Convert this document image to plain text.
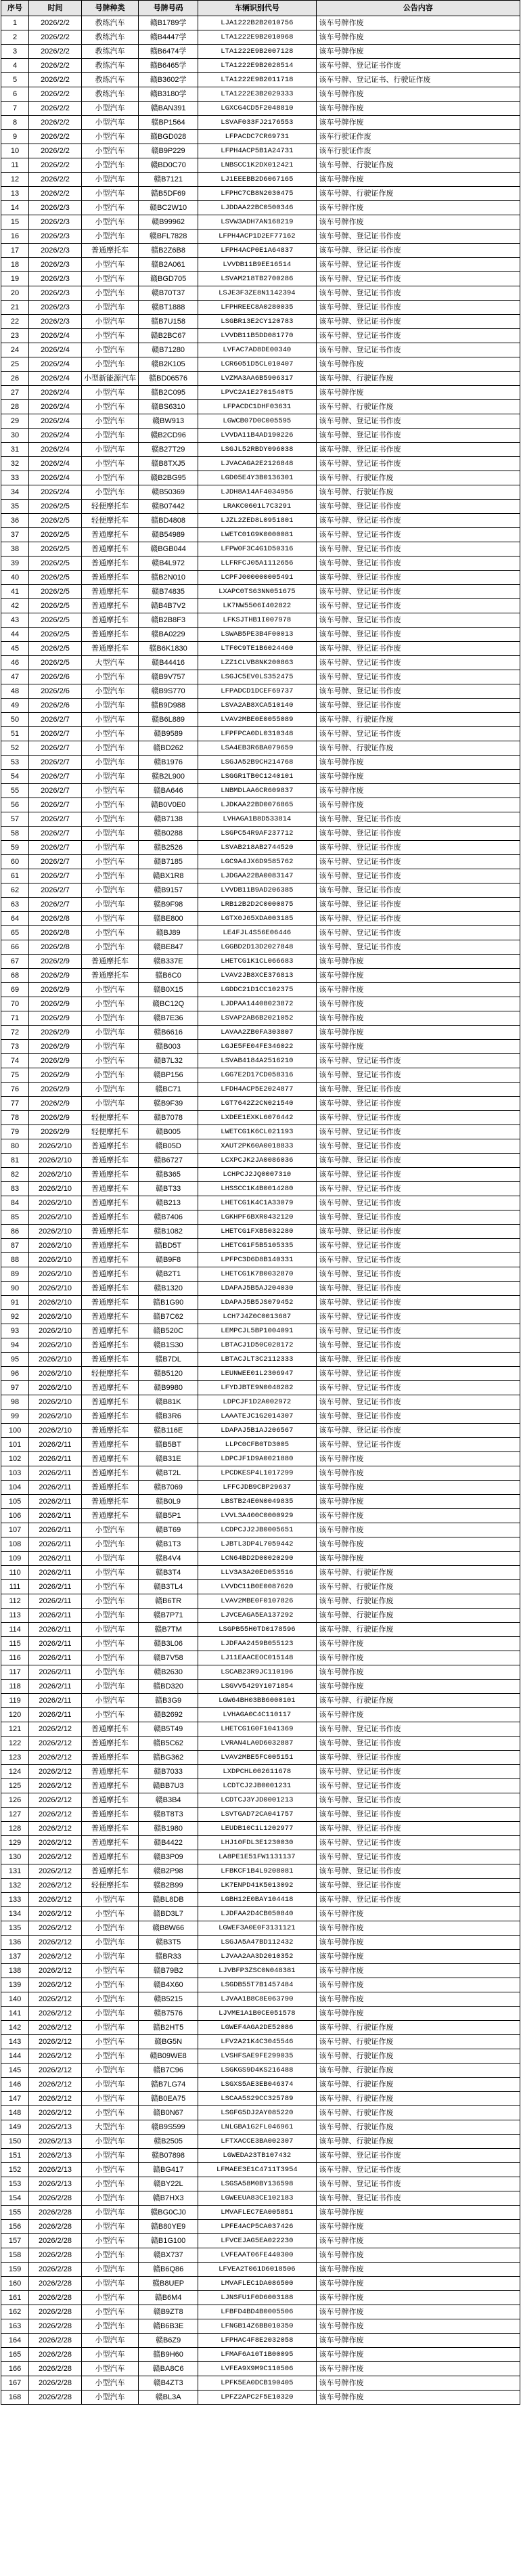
序号	时间	号牌种类	号牌号码	车辆识别代号	公告内容
1	2026/2/2	教练汽车	赣B1789学	LJA1222B2B2010756	该车号牌作废
2	2026/2/2	教练汽车	赣B4447学	LTA1222E9B2010968	该车号牌作废
3	2026/2/2	教练汽车	赣B6474学	LTA1222E9B2007128	该车号牌作废
4	2026/2/2	教练汽车	赣B6465学	LTA1222E9B2028514	该车号牌、登记证书作废
5	2026/2/2	教练汽车	赣B3602学	LTA1222E9B2011718	该车号牌、登记证书、行驶证作废
6	2026/2/2	教练汽车	赣B3180学	LTA1222E3B2029333	该车号牌作废
7	2026/2/2	小型汽车	赣BAN391	LGXCG4CD5F2048810	该车号牌作废
8	2026/2/2	小型汽车	赣BP1564	LSVAF033FJ2176553	该车号牌作废
9	2026/2/2	小型汽车	赣BGD028	LFPACDC7CR69731	该车行驶证作废
10	2026/2/2	小型汽车	赣B9P229	LFPH4ACP5B1A24731	该车行驶证作废
11	2026/2/2	小型汽车	赣BD0C70	LNBSCC1K2DX012421	该车号牌、行驶证作废
12	2026/2/2	小型汽车	赣B7121	LJ1EEEBB2D6067165	该车号牌作废
13	2026/2/2	小型汽车	赣B5DF69	LFPHC7CB8N2030475	该车号牌、行驶证作废
14	2026/2/3	小型汽车	赣BC2W10	LJDDAA22BC0500346	该车号牌作废
15	2026/2/3	小型汽车	赣B99962	LSVW3ADH7AN168219	该车号牌作废
16	2026/2/3	小型汽车	赣BFL7828	LFPH4ACP1D2EF77162	该车号牌、登记证书作废
17	2026/2/3	普通摩托车	赣B2Z6B8	LFPH4ACP0E1A64837	该车号牌、登记证书作废
18	2026/2/3	小型汽车	赣B2A061	LVVDB11B9EE16514	该车号牌、登记证书作废
19	2026/2/3	小型汽车	赣BGD705	LSVAM218TB2700286	该车号牌、登记证书作废
20	2026/2/3	小型汽车	赣B70T37	LSJE3F3ZE8N1142394	该车号牌、登记证书作废
21	2026/2/3	小型汽车	赣BT1888	LFPHREEC8A0280035	该车号牌、登记证书作废
22	2026/2/3	小型汽车	赣B7U158	LSGBR13E2CY120783	该车号牌、登记证书作废
23	2026/2/4	小型汽车	赣B2BC67	LVVDB11B5DD081770	该车号牌、登记证书作废
24	2026/2/4	小型汽车	赣B71280	LVFAC7AD8DE00340	该车号牌、登记证书作废
25	2026/2/4	小型汽车	赣B2K105	LCR6051D5CL010407	该车号牌作废
26	2026/2/4	小型新能源汽车	赣BD06576	LVZMA3AA6B5906317	该车号牌、行驶证作废
27	2026/2/4	小型汽车	赣B2C095	LPVC2A1E2701540T5	该车号牌作废
28	2026/2/4	小型汽车	赣BS6310	LFPACDC1DHF03631	该车号牌、行驶证作废
29	2026/2/4	小型汽车	赣BW913	LGWCB07D0C005595	该车号牌、登记证书作废
30	2026/2/4	小型汽车	赣B2CD96	LVVDA11B4AD190226	该车号牌、登记证书作废
31	2026/2/4	小型汽车	赣B27T29	LSGJL52RBDY096038	该车号牌、登记证书作废
32	2026/2/4	小型汽车	赣B8TXJ5	LJVACAGA2E2126848	该车号牌、登记证书作废
33	2026/2/4	小型汽车	赣B2BG95	LGD05E4Y3B0136301	该车号牌、行驶证作废
34	2026/2/4	小型汽车	赣B50369	LJDH8A14AF4034956	该车号牌、行驶证作废
35	2026/2/5	轻便摩托车	赣B07442	LRAKC0601L7C3291	该车号牌、登记证书作废
36	2026/2/5	轻便摩托车	赣BD4808	LJZL2ZED8L0951801	该车号牌、登记证书作废
37	2026/2/5	普通摩托车	赣B54989	LWETC01G9K0000081	该车号牌、登记证书作废
38	2026/2/5	普通摩托车	赣BGB044	LFPW0F3C4G1D50316	该车号牌、登记证书作废
39	2026/2/5	普通摩托车	赣B4L972	LLFRFCJ05A1112656	该车号牌、登记证书作废
40	2026/2/5	普通摩托车	赣B2N010	LCPFJ000000005491	该车号牌、登记证书作废
41	2026/2/5	普通摩托车	赣B74835	LXAPC0TS63NN051675	该车号牌、登记证书作废
42	2026/2/5	普通摩托车	赣B4B7V2	LK7NW5506I402822	该车号牌、登记证书作废
43	2026/2/5	普通摩托车	赣B2B8F3	LFKSJTHB1I007978	该车号牌、登记证书作废
44	2026/2/5	普通摩托车	赣BA0229	LSWAB5PE3B4F00013	该车号牌、登记证书作废
45	2026/2/5	普通摩托车	赣B6K1830	LTF0C9TE1B6024460	该车号牌、登记证书作废
46	2026/2/5	大型汽车	赣B44416	LZZ1CLVB8NK200863	该车号牌、登记证书作废
47	2026/2/6	小型汽车	赣B9V757	LSGJC5EV0LS352475	该车号牌、登记证书作废
48	2026/2/6	小型汽车	赣B9S770	LFPADCD1DCEF69737	该车号牌、登记证书作废
49	2026/2/6	小型汽车	赣B9D988	LSVA2AB8XCA510140	该车号牌、登记证书作废
50	2026/2/7	小型汽车	赣B6L889	LVAV2MBE0E0055089	该车号牌、行驶证作废
51	2026/2/7	小型汽车	赣B9589	LFPFPCA0DL0310348	该车号牌、登记证书作废
52	2026/2/7	小型汽车	赣BD262	LSA4EB3R6BA079659	该车号牌、行驶证作废
53	2026/2/7	小型汽车	赣B1976	LSGJA52B9CH214768	该车号牌作废
54	2026/2/7	小型汽车	赣B2L900	LSGGR1TB0C1240101	该车号牌作废
55	2026/2/7	小型汽车	赣BA646	LNBMDLAA6CR609837	该车号牌作废
56	2026/2/7	小型汽车	赣B0V0E0	LJDKAA22BD0076865	该车号牌作废
57	2026/2/7	小型汽车	赣B7138	LVHAGA1B8D533814	该车号牌、登记证书作废
58	2026/2/7	小型汽车	赣B0288	LSGPC54R9AF237712	该车号牌、登记证书作废
59	2026/2/7	小型汽车	赣B2526	LSVAB218AB2744520	该车号牌、登记证书作废
60	2026/2/7	小型汽车	赣B7185	LGC9A4JX6D9585762	该车号牌、登记证书作废
61	2026/2/7	小型汽车	赣BX1R8	LJDGAA22BA0083147	该车号牌、登记证书作废
62	2026/2/7	小型汽车	赣B9157	LVVDB11B9AD206385	该车号牌、登记证书作废
63	2026/2/7	小型汽车	赣B9F98	LRB12B2D2C0000875	该车号牌、登记证书作废
64	2026/2/8	小型汽车	赣BE800	LGTX0J65XDA003185	该车号牌、登记证书作废
65	2026/2/8	小型汽车	赣BJ89	LE4FJL4S56E06446	该车号牌、登记证书作废
66	2026/2/8	小型汽车	赣BE847	LGGBD2D13D2027848	该车号牌、登记证书作废
67	2026/2/9	普通摩托车	赣B337E	LHETCG1K1CL066683	该车号牌作废
68	2026/2/9	普通摩托车	赣B6C0	LVAV2JB8XCE376813	该车号牌作废
69	2026/2/9	小型汽车	赣B0X15	LGDDC21D1CC102375	该车号牌作废
70	2026/2/9	小型汽车	赣BC12Q	LJDPAA14408023872	该车号牌作废
71	2026/2/9	小型汽车	赣B7E36	LSVAP2AB6B2021052	该车号牌作废
72	2026/2/9	小型汽车	赣B6616	LAVAA2ZB0FA303807	该车号牌作废
73	2026/2/9	小型汽车	赣B003	LGJE5FE04FE346022	该车号牌作废
74	2026/2/9	小型汽车	赣B7L32	LSVAB4184A2516210	该车号牌、登记证书作废
75	2026/2/9	小型汽车	赣BP156	LGG7E2D17CD058316	该车号牌、登记证书作废
76	2026/2/9	小型汽车	赣BC71	LFDH4ACP5E2024877	该车号牌、登记证书作废
77	2026/2/9	小型汽车	赣B9F39	LGT7642Z2CN021540	该车号牌、登记证书作废
78	2026/2/9	轻便摩托车	赣B7078	LXDEE1EXKL6076442	该车号牌、登记证书作废
79	2026/2/9	轻便摩托车	赣B005	LWETCG1K6CL021193	该车号牌、登记证书作废
80	2026/2/10	普通摩托车	赣B05D	XAUT2PK60A0018833	该车号牌、登记证书作废
81	2026/2/10	普通摩托车	赣B6727	LCXPCJK2JA0086036	该车号牌、登记证书作废
82	2026/2/10	普通摩托车	赣B365	LCHPCJ2JQ0007310	该车号牌、登记证书作废
83	2026/2/10	普通摩托车	赣BT33	LHSSCC1K4B0014280	该车号牌、登记证书作废
84	2026/2/10	普通摩托车	赣B213	LHETCG1K4C1A33079	该车号牌、登记证书作废
85	2026/2/10	普通摩托车	赣B7406	LGKHPF6BXR0432120	该车号牌、登记证书作废
86	2026/2/10	普通摩托车	赣B1082	LHETCG1FXB5032280	该车号牌、登记证书作废
87	2026/2/10	普通摩托车	赣BD5T	LHETCG1F5B5105335	该车号牌、登记证书作废
88	2026/2/10	普通摩托车	赣B9F8	LPFPC3D6D8B140331	该车号牌、登记证书作废
89	2026/2/10	普通摩托车	赣B2T1	LHETCG1K7B0032870	该车号牌、登记证书作废
90	2026/2/10	普通摩托车	赣B1320	LDAPAJ5B5AJ204030	该车号牌、登记证书作废
91	2026/2/10	普通摩托车	赣B1G90	LDAPAJ5B5JS079452	该车号牌、登记证书作废
92	2026/2/10	普通摩托车	赣B7C62	LCH7J4Z0C0013687	该车号牌、登记证书作废
93	2026/2/10	普通摩托车	赣B520C	LEMPCJL5BP1004091	该车号牌、登记证书作废
94	2026/2/10	普通摩托车	赣B1S30	LBTACJ1D50C028172	该车号牌、登记证书作废
95	2026/2/10	普通摩托车	赣B7DL	LBTACJLT3C2112333	该车号牌、登记证书作废
96	2026/2/10	轻便摩托车	赣B5120	LEUNWEE01L2306947	该车号牌、登记证书作废
97	2026/2/10	普通摩托车	赣B9980	LFYDJBTE9N0048282	该车号牌、登记证书作废
98	2026/2/10	普通摩托车	赣B81K	LDPCJF1D2A002972	该车号牌、登记证书作废
99	2026/2/10	普通摩托车	赣B3R6	LAAATEJC1G2014307	该车号牌、登记证书作废
100	2026/2/10	普通摩托车	赣B116E	LDAPAJ5B1AJ206567	该车号牌、登记证书作废
101	2026/2/11	普通摩托车	赣B5BT	LLPC0CFB0TD3005	该车号牌、登记证书作废
102	2026/2/11	普通摩托车	赣B31E	LDPCJF1D9A0021880	该车号牌作废
103	2026/2/11	普通摩托车	赣BT2L	LPCDKESP4L1017299	该车号牌作废
104	2026/2/11	普通摩托车	赣B7069	LFFCJDB9CBP29637	该车号牌作废
105	2026/2/11	普通摩托车	赣B0L9	LBSTB24E0N0049835	该车号牌作废
106	2026/2/11	普通摩托车	赣B5P1	LVVL3A400C0000929	该车号牌作废
107	2026/2/11	小型汽车	赣BT69	LCDPCJJ2JB0005651	该车号牌作废
108	2026/2/11	小型汽车	赣B1T3	LJBTL3DP4L7059442	该车号牌作废
109	2026/2/11	小型汽车	赣B4V4	LCN64BD2D00020290	该车号牌作废
110	2026/2/11	小型汽车	赣B3T4	LLV3A3A20ED053516	该车号牌、行驶证作废
111	2026/2/11	小型汽车	赣B3TL4	LVVDC11B0E0087620	该车号牌、行驶证作废
112	2026/2/11	小型汽车	赣B6TR	LVAV2MBE0F0107826	该车号牌、行驶证作废
113	2026/2/11	小型汽车	赣B7P71	LJVCEAGA5EA137292	该车号牌、行驶证作废
114	2026/2/11	小型汽车	赣B7TM	LSGPB55H0TD0178596	该车号牌、行驶证作废
115	2026/2/11	小型汽车	赣B3L06	LJDFAA2459B055123	该车号牌作废
116	2026/2/11	小型汽车	赣B7V58	LJ11EAACEOC015148	该车号牌作废
117	2026/2/11	小型汽车	赣B2630	LSCAB23R9JC110196	该车号牌作废
118	2026/2/11	小型汽车	赣BD320	LSGVV5429Y1071854	该车号牌作废
119	2026/2/11	小型汽车	赣B3G9	LGW64BH03BB6000101	该车号牌、行驶证作废
120	2026/2/11	小型汽车	赣B2692	LVHAGA0C4C110117	该车号牌作废
121	2026/2/12	普通摩托车	赣B5T49	LHETCG1G0F1041369	该车号牌、登记证书作废
122	2026/2/12	普通摩托车	赣B5C62	LVRAN4LA0D6032887	该车号牌、登记证书作废
123	2026/2/12	普通摩托车	赣BG362	LVAV2MBE5FC005151	该车号牌、登记证书作废
124	2026/2/12	普通摩托车	赣B7033	LXDPCHL002611678	该车号牌、登记证书作废
125	2026/2/12	普通摩托车	赣BB7U3	LCDTCJ2JB0001231	该车号牌、登记证书作废
126	2026/2/12	普通摩托车	赣B3B4	LCDTCJ3YJD0001213	该车号牌、登记证书作废
127	2026/2/12	普通摩托车	赣BT8T3	LSVTGAD72CA041757	该车号牌、登记证书作废
128	2026/2/12	普通摩托车	赣B1980	LEUDB10C1L1202977	该车号牌、登记证书作废
129	2026/2/12	普通摩托车	赣B4422	LHJ10FDL3E1230030	该车号牌、登记证书作废
130	2026/2/12	普通摩托车	赣B3P09	LA8PE1E51FW1131137	该车号牌、登记证书作废
131	2026/2/12	普通摩托车	赣B2P98	LFBKCF1B4L9208081	该车号牌、登记证书作废
132	2026/2/12	轻便摩托车	赣B2B99	LK7ENPD41K5013092	该车号牌、登记证书作废
133	2026/2/12	小型汽车	赣BL8DB	LGBH12E0BAY104418	该车号牌、登记证书作废
134	2026/2/12	小型汽车	赣BD3L7	LJDFAA2D4CB050840	该车号牌作废
135	2026/2/12	小型汽车	赣B8W66	LGWEF3A0E0F3131121	该车号牌作废
136	2026/2/12	小型汽车	赣B3T5	LSGJA5A47BD112432	该车号牌作废
137	2026/2/12	小型汽车	赣BR33	LJVAA2AA3D2010352	该车号牌作废
138	2026/2/12	小型汽车	赣B79B2	LJVBFP3ZSC0N048381	该车号牌作废
139	2026/2/12	小型汽车	赣B4X60	LSGDB55T7B1457484	该车号牌作废
140	2026/2/12	小型汽车	赣B5215	LJVAA1B8C8E063790	该车号牌作废
141	2026/2/12	小型汽车	赣B7576	LJVME1A1B0CE051578	该车号牌作废
142	2026/2/12	小型汽车	赣B2HT5	LGWEF4AGA2DE52086	该车号牌、行驶证作废
143	2026/2/12	小型汽车	赣BG5N	LFV2A21K4C3045546	该车号牌、行驶证作废
144	2026/2/12	小型汽车	赣B09WE8	LVSHFSAE9FE299035	该车号牌、行驶证作废
145	2026/2/12	小型汽车	赣B7C96	LSGKGS9D4KS216488	该车号牌、行驶证作废
146	2026/2/12	小型汽车	赣B7LG74	LSGXS5AE3EB046374	该车号牌、行驶证作废
147	2026/2/12	小型汽车	赣B0EA75	LSCAA5S29CC325789	该车号牌、行驶证作废
148	2026/2/12	小型汽车	赣B0N67	LSGFG5DJ2AY085220	该车号牌、行驶证作废
149	2026/2/13	大型汽车	赣B9S599	LNLGBA1G2FL046961	该车号牌、行驶证作废
150	2026/2/13	小型汽车	赣B2505	LFTXACCE3BA002307	该车号牌、行驶证作废
151	2026/2/13	小型汽车	赣B07898	LGWEDA23TB107432	该车号牌、登记证书作废
152	2026/2/13	小型汽车	赣BG417	LFMAEE3E1C4711T3954	该车号牌、登记证书作废
153	2026/2/13	小型汽车	赣BY22L	LSGSA58M0BY136598	该车号牌、登记证书作废
154	2026/2/28	小型汽车	赣B7HX3	LGWEEUA83CE102183	该车号牌、登记证书作废
155	2026/2/28	小型汽车	赣BG0CJ0	LMVAFLEC7EA005851	该车号牌作废
156	2026/2/28	小型汽车	赣B80YE9	LPFE4ACP5CA037426	该车号牌作废
157	2026/2/28	小型汽车	赣B1G100	LFVCEJAG5EA022230	该车号牌作废
158	2026/2/28	小型汽车	赣BX737	LVFEAAT06FE440300	该车号牌作废
159	2026/2/28	小型汽车	赣B6Q86	LFVEA2T061D6018506	该车号牌作废
160	2026/2/28	小型汽车	赣B8UEP	LMVAFLEC1DA086500	该车号牌作废
161	2026/2/28	小型汽车	赣B6M4	LJNSFU1F0D6003188	该车号牌作废
162	2026/2/28	小型汽车	赣B9ZT8	LFBFD4BD4B0005506	该车号牌作废
163	2026/2/28	小型汽车	赣B6B3E	LFNGB14Z6BB010350	该车号牌作废
164	2026/2/28	小型汽车	赣B6Z9	LFPHAC4F8E2032058	该车号牌作废
165	2026/2/28	小型汽车	赣B9H60	LFMAF6A10T1B00095	该车号牌作废
166	2026/2/28	小型汽车	赣BA8C6	LVFEA9X9M9C110506	该车号牌作废
167	2026/2/28	小型汽车	赣B4ZT3	LPFK5EA0DCB190405	该车号牌作废
168	2026/2/28	小型汽车	赣BL3A	LPFZ2APC2F5E10320	该车号牌作废
